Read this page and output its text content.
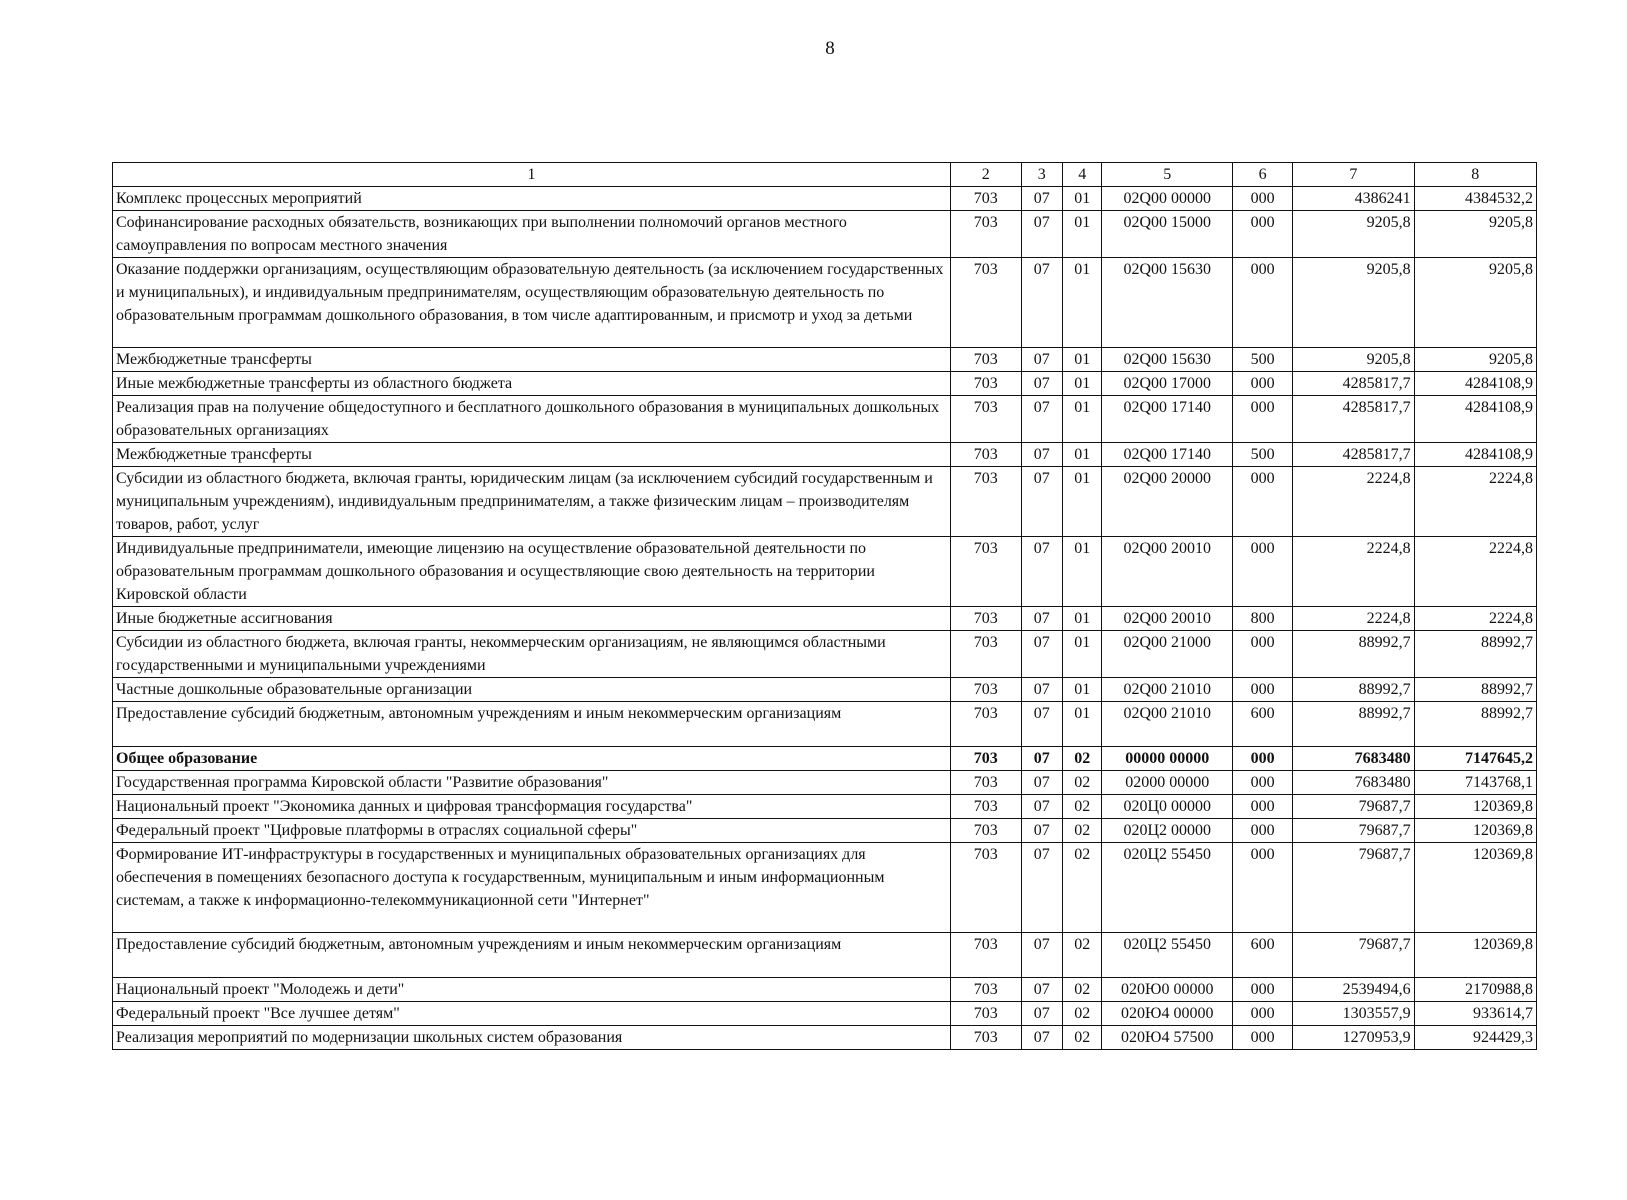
8
1	2	3	4	5	6	7	8
Комплекс процессных мероприятий	703	07	01	02Q00 00000	000	4386241	4384532,2
Софинансирование расходных обязательств, возникающих при выполнении полномочий органов местного самоуправления по вопросам местного значения	703	07	01	02Q00 15000	000	9205,8	9205,8
Оказание поддержки организациям, осуществляющим образовательную деятельность (за исключением государственных и муниципальных), и индивидуальным предпринимателям, осуществляющим образовательную деятельность по образовательным программам дошкольного образования, в том числе адаптированным, и присмотр и уход за детьми	703	07	01	02Q00 15630	000	9205,8	9205,8
Межбюджетные трансферты	703	07	01	02Q00 15630	500	9205,8	9205,8
Иные межбюджетные трансферты из областного бюджета	703	07	01	02Q00 17000	000	4285817,7	4284108,9
Реализация прав на получение общедоступного и бесплатного дошкольного образования в муниципальных дошкольных образовательных организациях	703	07	01	02Q00 17140	000	4285817,7	4284108,9
Межбюджетные трансферты	703	07	01	02Q00 17140	500	4285817,7	4284108,9
Субсидии из областного бюджета, включая гранты, юридическим лицам (за исключением субсидий государственным и муниципальным учреждениям), индивидуальным предпринимателям, а также физическим лицам – производителям товаров, работ, услуг	703	07	01	02Q00 20000	000	2224,8	2224,8
Индивидуальные предприниматели, имеющие лицензию на осуществление образовательной деятельности по образовательным программам дошкольного образования и осуществляющие свою деятельность на территории Кировской области	703	07	01	02Q00 20010	000	2224,8	2224,8
Иные бюджетные ассигнования	703	07	01	02Q00 20010	800	2224,8	2224,8
Субсидии из областного бюджета, включая гранты, некоммерческим организациям, не являющимся областными государственными и муниципальными учреждениями	703	07	01	02Q00 21000	000	88992,7	88992,7
Частные дошкольные образовательные организации	703	07	01	02Q00 21010	000	88992,7	88992,7
Предоставление субсидий бюджетным, автономным учреждениям и иным некоммерческим организациям	703	07	01	02Q00 21010	600	88992,7	88992,7
Общее образование	703	07	02	00000 00000	000	7683480	7147645,2
Государственная программа Кировской области "Развитие образования"	703	07	02	02000 00000	000	7683480	7143768,1
Национальный проект "Экономика данных и цифровая трансформация государства"	703	07	02	020Ц0 00000	000	79687,7	120369,8
Федеральный проект "Цифровые платформы в отраслях социальной сферы"	703	07	02	020Ц2 00000	000	79687,7	120369,8
Формирование ИТ-инфраструктуры в государственных и муниципальных образовательных организациях для обеспечения в помещениях безопасного доступа к государственным, муниципальным и иным информационным системам, а также к информационно-телекоммуникационной сети "Интернет"	703	07	02	020Ц2 55450	000	79687,7	120369,8
Предоставление субсидий бюджетным, автономным учреждениям и иным некоммерческим организациям	703	07	02	020Ц2 55450	600	79687,7	120369,8
Национальный проект "Молодежь и дети"	703	07	02	020Ю0 00000	000	2539494,6	2170988,8
Федеральный проект "Все лучшее детям"	703	07	02	020Ю4 00000	000	1303557,9	933614,7
Реализация мероприятий по модернизации школьных систем образования	703	07	02	020Ю4 57500	000	1270953,9	924429,3
